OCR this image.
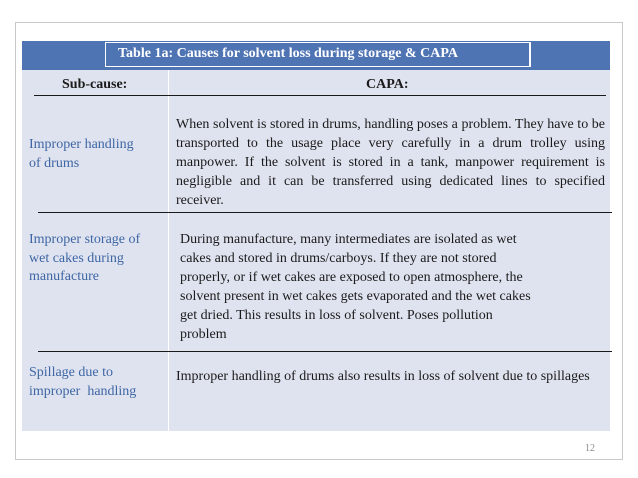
Table 1a: Causes for solvent loss during storage & CAPA
Sub-cause:	CAPA:
Improper handling
of drums
When solvent is stored in drums, handling poses a problem. They have to be transported to the usage place very carefully in a drum trolley using manpower. If the solvent is stored in a tank, manpower requirement is negligible and it can be transferred using dedicated lines to specified receiver.
Improper storage of
wet cakes during
manufacture
During manufacture, many intermediates are isolated as wet
cakes and stored in drums/carboys. If they are not stored
properly, or if wet cakes are exposed to open atmosphere, the
solvent present in wet cakes gets evaporated and the wet cakes
get dried. This results in loss of solvent. Poses pollution
problem
Spillage due to
improper  handling
Improper handling of drums also results in loss of solvent due to spillages
12
